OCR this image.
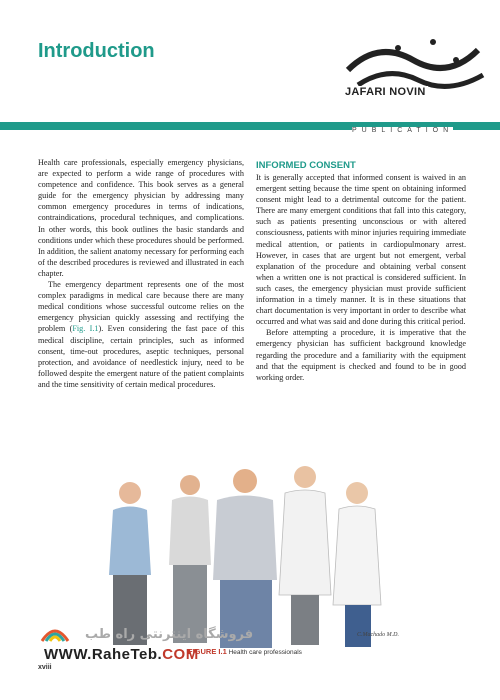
Introduction
JAFARI NOVIN
PUBLICATION

Health care professionals, especially emergency physicians, are expected to perform a wide range of procedures with competence and confidence. This book serves as a general guide for the emergency physician by addressing many common emergency procedures in terms of indications, contraindications, procedural techniques, and complications. In other words, this book outlines the basic standards and conditions under which these procedures should be performed. In addition, the salient anatomy necessary for performing each of the described procedures is reviewed and illustrated in each chapter.

The emergency department represents one of the most complex paradigms in medical care because there are many medical conditions whose successful outcome relies on the emergency physician quickly assessing and rectifying the problem (Fig. I.1). Even considering the fast pace of this medical discipline, certain principles, such as informed consent, time-out procedures, aseptic techniques, personal protection, and avoidance of needlestick injury, need to be followed despite the emergent nature of the patient complaints and the time sensitivity of certain medical procedures.

INFORMED CONSENT

It is generally accepted that informed consent is waived in an emergent setting because the time spent on obtaining informed consent might lead to a detrimental outcome for the patient. There are many emergent conditions that fall into this category, such as patients presenting unconscious or with altered consciousness, patients with minor injuries requiring immediate medical attention, or patients in cardiopulmonary arrest. However, in cases that are urgent but not emergent, verbal explanation of the procedure and obtaining verbal consent when a written one is not practical is considered sufficient. In such cases, the emergency physician must provide sufficient information in a timely manner. It is in these situations that chart documentation is very important in order to describe what occurred and what was said and done during this critical period.

Before attempting a procedure, it is imperative that the emergency physician has sufficient background knowledge regarding the procedure and a familiarity with the equipment and that the equipment is checked and found to be in good working order.

C.Machado M.D.
FIGURE I.1 Health care professionals
فروشگاه اینترنتی راه طب
WWW.RaheTeb.COM
xviii
